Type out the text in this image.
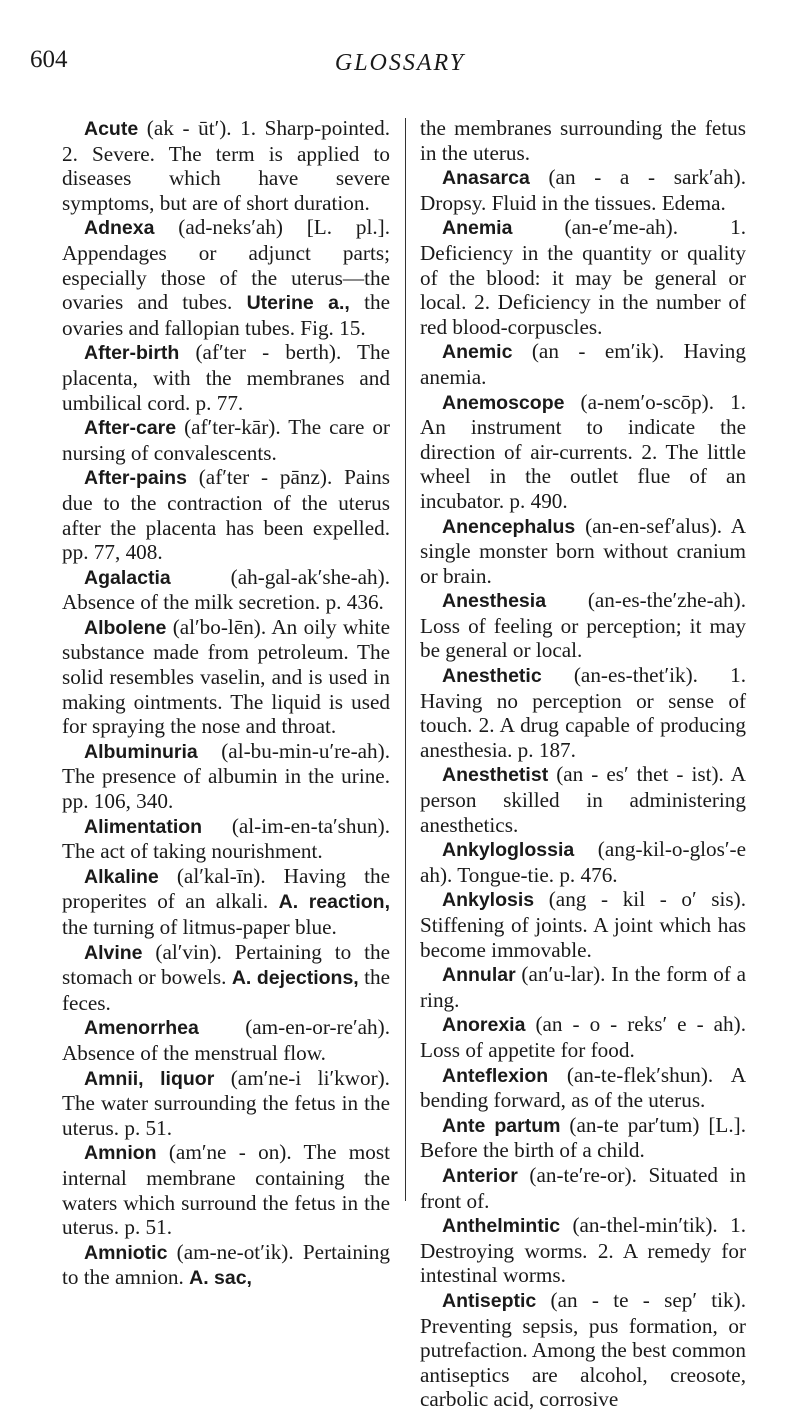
604	GLOSSARY

Acute (ak - ūt′). 1. Sharp-pointed. 2. Severe. The term is applied to diseases which have severe symptoms, but are of short duration.

Adnexa (ad-neks′ah) [L. pl.]. Appendages or adjunct parts; especially those of the uterus—the ovaries and tubes. Uterine a., the ovaries and fallopian tubes. Fig. 15.

After-birth (af′ter - berth). The placenta, with the membranes and umbilical cord. p. 77.

After-care (af′ter-kār). The care or nursing of convalescents.

After-pains (af′ter - pānz). Pains due to the contraction of the uterus after the placenta has been expelled. pp. 77, 408.

Agalactia (ah-gal-ak′she-ah). Absence of the milk secretion. p. 436.

Albolene (al′bo-lēn). An oily white substance made from petroleum. The solid resembles vaselin, and is used in making ointments. The liquid is used for spraying the nose and throat.

Albuminuria (al-bu-min-u′re-ah). The presence of albumin in the urine. pp. 106, 340.

Alimentation (al-im-en-ta′shun). The act of taking nourishment.

Alkaline (al′kal-īn). Having the properites of an alkali. A. reaction, the turning of litmus-paper blue.

Alvine (al′vin). Pertaining to the stomach or bowels. A. dejections, the feces.

Amenorrhea (am-en-or-re′ah). Absence of the menstrual flow.

Amnii, liquor (am′ne-i li′kwor). The water surrounding the fetus in the uterus. p. 51.

Amnion (am′ne - on). The most internal membrane containing the waters which surround the fetus in the uterus. p. 51.

Amniotic (am-ne-ot′ik). Pertaining to the amnion. A. sac,

the membranes surrounding the fetus in the uterus.

Anasarca (an - a - sark′ah). Dropsy. Fluid in the tissues. Edema.

Anemia (an-e′me-ah). 1. Deficiency in the quantity or quality of the blood: it may be general or local. 2. Deficiency in the number of red blood-corpuscles.

Anemic (an - em′ik). Having anemia.

Anemoscope (a-nem′o-scōp). 1. An instrument to indicate the direction of air-currents. 2. The little wheel in the outlet flue of an incubator. p. 490.

Anencephalus (an-en-sef′alus). A single monster born without cranium or brain.

Anesthesia (an-es-the′zhe-ah). Loss of feeling or perception; it may be general or local.

Anesthetic (an-es-thet′ik). 1. Having no perception or sense of touch. 2. A drug capable of producing anesthesia. p. 187.

Anesthetist (an - es′ thet - ist). A person skilled in administering anesthetics.

Ankyloglossia (ang-kil-o-glos′-e ah). Tongue-tie. p. 476.

Ankylosis (ang - kil - o′ sis). Stiffening of joints. A joint which has become immovable.

Annular (an′u-lar). In the form of a ring.

Anorexia (an - o - reks′ e - ah). Loss of appetite for food.

Anteflexion (an-te-flek′shun). A bending forward, as of the uterus.

Ante partum (an-te par′tum) [L.]. Before the birth of a child.

Anterior (an-te′re-or). Situated in front of.

Anthelmintic (an-thel-min′tik). 1. Destroying worms. 2. A remedy for intestinal worms.

Antiseptic (an - te - sep′ tik). Preventing sepsis, pus formation, or putrefaction. Among the best common antiseptics are alcohol, creosote, carbolic acid, corrosive
